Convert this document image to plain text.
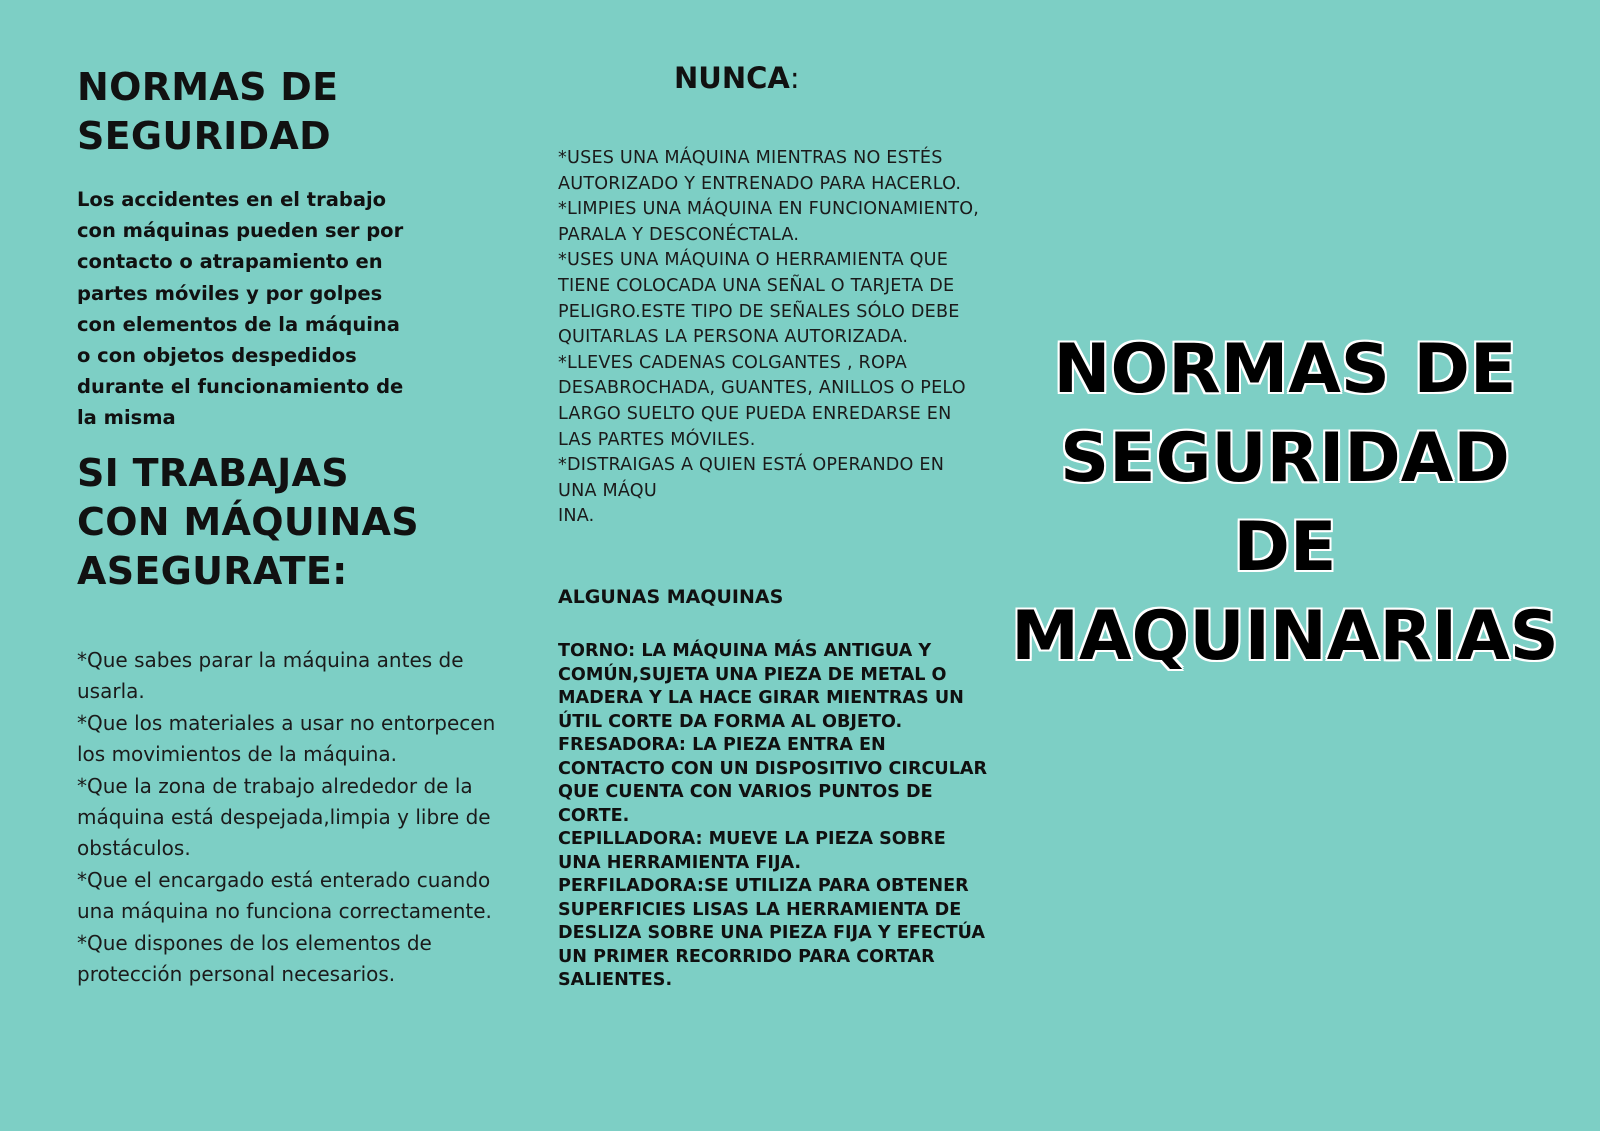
NORMAS DE
SEGURIDAD

Los accidentes en el trabajo con máquinas pueden ser por contacto o atrapamiento en partes móviles y por golpes con elementos de la máquina o con objetos despedidos durante el funcionamiento de la misma

SI TRABAJAS
CON MÁQUINAS
ASEGURATE:
*Que sabes parar la máquina antes de usarla.
*Que los materiales a usar no entorpecen los movimientos de la máquina.
*Que la zona de trabajo alrededor de la máquina está despejada,limpia y libre de obstáculos.
*Que el encargado está enterado cuando una máquina no funciona correctamente.
*Que dispones de los elementos de protección personal necesarios.
NUNCA:
*USES UNA MÁQUINA MIENTRAS NO ESTÉS AUTORIZADO Y ENTRENADO PARA HACERLO.
*LIMPIES UNA MÁQUINA EN FUNCIONAMIENTO, PARALA Y DESCONÉCTALA.
*USES UNA MÁQUINA O HERRAMIENTA QUE TIENE COLOCADA UNA SEÑAL O TARJETA DE PELIGRO.ESTE TIPO DE SEÑALES SÓLO DEBE QUITARLAS LA PERSONA AUTORIZADA.
*LLEVES CADENAS COLGANTES , ROPA DESABROCHADA, GUANTES, ANILLOS O PELO LARGO SUELTO QUE PUEDA ENREDARSE EN LAS PARTES MÓVILES.
*DISTRAIGAS A QUIEN ESTÁ OPERANDO EN UNA MÁQU
INA.
ALGUNAS MAQUINAS
TORNO: LA MÁQUINA MÁS ANTIGUA Y COMÚN,SUJETA UNA PIEZA DE METAL O MADERA Y LA HACE GIRAR MIENTRAS UN ÚTIL CORTE DA FORMA AL OBJETO.
FRESADORA: LA PIEZA ENTRA EN CONTACTO CON UN DISPOSITIVO CIRCULAR QUE CUENTA CON VARIOS PUNTOS DE CORTE.
CEPILLADORA: MUEVE LA PIEZA SOBRE UNA HERRAMIENTA FIJA.
PERFILADORA:SE UTILIZA PARA OBTENER SUPERFICIES LISAS LA HERRAMIENTA DE DESLIZA SOBRE UNA PIEZA FIJA Y EFECTÚA UN PRIMER RECORRIDO PARA CORTAR SALIENTES.
NORMAS DE
SEGURIDAD
DE
MAQUINARIAS
